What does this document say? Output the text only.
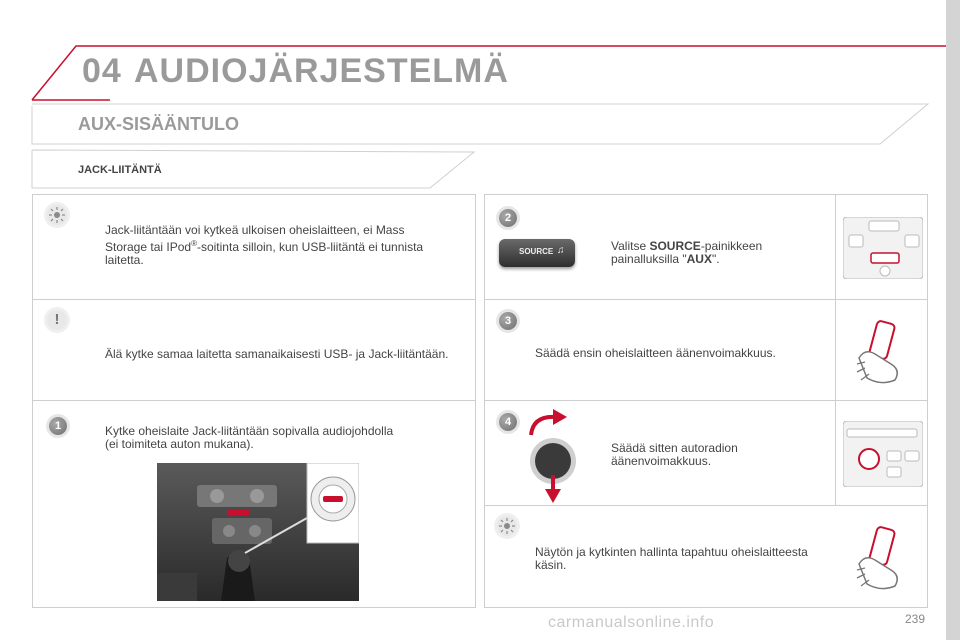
04 AUDIOJÄRJESTELMÄ
AUX-SISÄÄNTULO
JACK-LIITÄNTÄ
Jack-liitäntään voi kytkeä ulkoisen oheislaitteen, ei Mass
Storage tai IPod®-soitinta silloin, kun USB-liitäntä ei tunnista
laitetta.
!
Älä kytke samaa laitetta samanaikaisesti USB- ja Jack-liitäntään.
1	Kytke oheislaite Jack-liitäntään sopivalla audiojohdolla
(ei toimiteta auton mukana).
2
SOURCE ♫	Valitse SOURCE-painikkeen
painalluksilla "AUX".
3
Säädä ensin oheislaitteen äänenvoimakkuus.
4
Säädä sitten autoradion
äänenvoimakkuus.
Näytön ja kytkinten hallinta tapahtuu oheislaitteesta
käsin.
carmanualsonline.info	239
